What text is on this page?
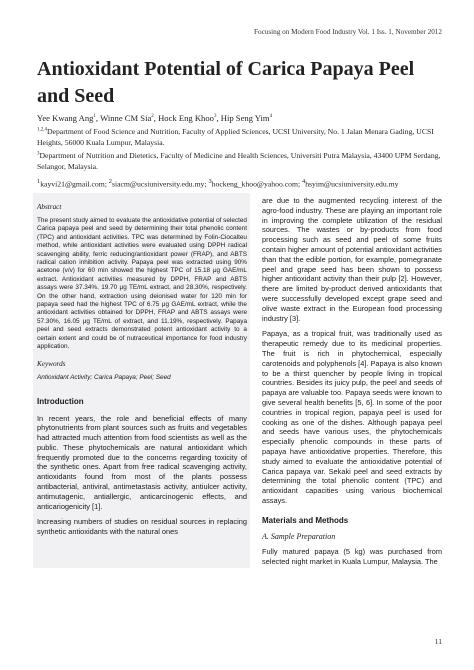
Focusing on Modern Food Industry Vol. 1 Iss. 1, November 2012
Antioxidant Potential of Carica Papaya Peel and Seed
Yee Kwang Ang$^1$, Winne CM Sia$^2$, Hock Eng Khoo$^3$, Hip Seng Yim$^4$
$^{1,2,4}$Department of Food Science and Nutrition, Faculty of Applied Sciences, UCSI University, No. 1 Jalan Menara Gading, UCSI Heights, 56000 Kuala Lumpur, Malaysia.
$^3$Department of Nutrition and Dietetics, Faculty of Medicine and Health Sciences, Universiti Putra Malaysia, 43400 UPM Serdang, Selangor, Malaysia.
$^1$kayvi21@gmail.com; $^2$siacm@ucsiuniversity.edu.my; $^3$hockeng_khoo@yahoo.com; $^4$hsyim@ucsiuniversity.edu.my
Abstract

The present study aimed to evaluate the antioxidative potential of selected Carica papaya peel and seed by determining their total phenolic content (TPC) and antioxidant activities. TPC was determined by Folin-Ciocalteu method, while antioxidant activities were evaluated using DPPH radical scavenging ability, ferric reducing/antioxidant power (FRAP), and ABTS radical cation inhibition activity. Papaya peel was extracted using 90% acetone (v/v) for 60 min showed the highest TPC of 15.18 μg GAE/mL extract. Antioxidant activities measured by DPPH, FRAP and ABTS assays were 37.34%, 19.70 μg TE/mL extract, and 28.30%, respectively. On the other hand, extraction using deionised water for 120 min for papaya seed had the highest TPC of 6.75 μg GAE/mL extract, while the antioxidant activities obtained for DPPH, FRAP and ABTS assays were 57.30%, 16.05 μg TE/mL of extract, and 11.19%, respectively. Papaya peel and seed extracts demonstrated potent antioxidant activity to a certain extent and could be of nutraceutical importance for food industry application.

Keywords

Antioxidant Activity; Carica Papaya; Peel; Seed

Introduction

In recent years, the role and beneficial effects of many phytonutrients from plant sources such as fruits and vegetables had attracted much attention from food scientists as well as the public. These phytochemicals are natural antioxidant which frequently promoted due to the concerns regarding toxicity of the synthetic ones. Apart from free radical scavenging activity, antioxidants found from most of the plants possess antibacterial, antiviral, antimetastasis activity, antiulcer activity, antimutagenic, antiallergic, anticarcinogenic effects, and anticariogenicity [1].

Increasing numbers of studies on residual sources in replacing synthetic antioxidants with the natural ones

are due to the augmented recycling interest of the agro-food industry. These are playing an important role in improving the complete utilization of the residual sources. The wastes or by-products from food processing such as seed and peel of some fruits contain higher amount of potential antioxidant activities than that the edible portion, for example, pomegranate peel and grape seed has been shown to possess higher antioxidant activity than their pulp [2]. However, there are limited by-product derived antioxidants that were successfully developed except grape seed and olive waste extract in the European food processing industry [3].

Papaya, as a tropical fruit, was traditionally used as therapeutic remedy due to its medicinal properties. The fruit is rich in phytochemical, especially carotenoids and polyphenols [4]. Papaya is also known to be a thirst quencher by people living in tropical countries. Besides its juicy pulp, the peel and seeds of papaya are valuable too. Papaya seeds were known to give several health benefits [5, 6]. In some of the poor countries in tropical region, papaya peel is used for cooking as one of the dishes. Although papaya peel and seeds have various uses, the phytochemicals especially phenolic compounds in these parts of papaya have antioxidative properties. Therefore, this study aimed to evaluate the antioxidative potential of Carica papaya var. Sekaki peel and seed extracts by determining the total phenolic content (TPC) and antioxidant capacities using various biochemical assays.

Materials and Methods
A. Sample Preparation

Fully matured papaya (5 kg) was purchased from selected night market in Kuala Lumpur, Malaysia. The

11
